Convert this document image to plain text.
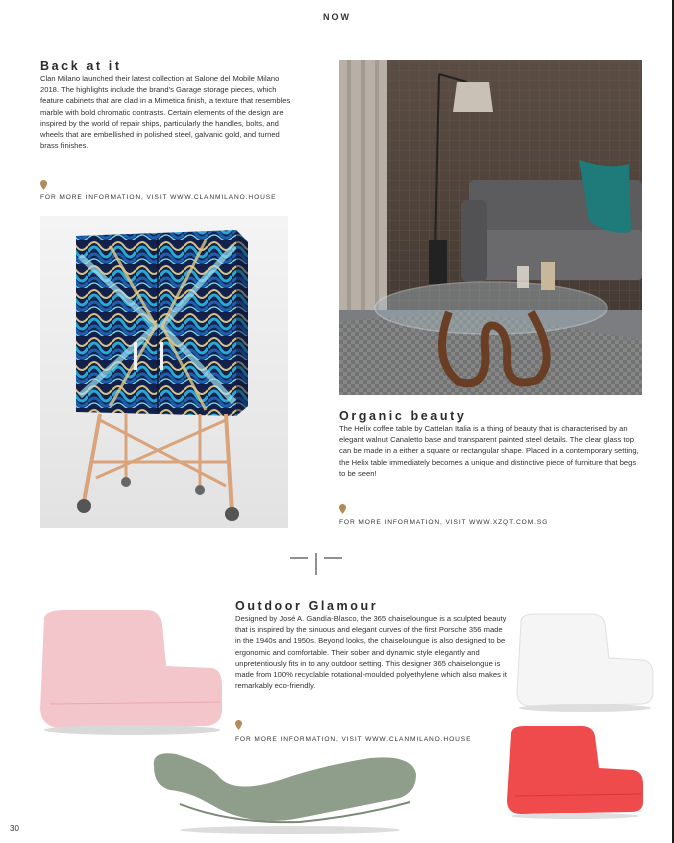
NOW
Back at it
Clan Milano launched their latest collection at Salone del Mobile Milano 2018. The highlights include the brand's Garage storage pieces, which feature cabinets that are clad in a Mimetica finish, a texture that resembles marble with bold chromatic contrasts. Certain elements of the design are inspired by the world of repair ships, particularly the handles, bolts, and wheels that are embellished in polished steel, galvanic gold, and turned brass finishes.
FOR MORE INFORMATION, VISIT WWW.CLANMILANO.HOUSE
Organic beauty
The Helix coffee table by Cattelan Italia is a thing of beauty that is characterised by an elegant walnut Canaletto base and transparent painted steel details. The clear glass top can be made in a either a square or rectangular shape. Placed in a contemporary setting, the Helix table immediately becomes a unique and distinctive piece of furniture that begs to be seen!
FOR MORE INFORMATION, VISIT WWW.XZQT.COM.SG
Outdoor Glamour
Designed by José A. Gandía-Blasco, the 365 chaiselounguе is a sculpted beauty that is inspired by the sinuous and elegant curves of the first Porsche 356 made in the 1940s and 1950s. Beyond looks, the chaiselounguе is also designed to be ergonomic and comfortable. Their sober and dynamic style elegantly and unpretentiously fits in to any outdoor setting. This designer 365 chaiselongue is made from 100% recyclable rotational-moulded polyethylene which also makes it remarkably eco-friendly.
FOR MORE INFORMATION, VISIT WWW.CLANMILANO.HOUSE
30
